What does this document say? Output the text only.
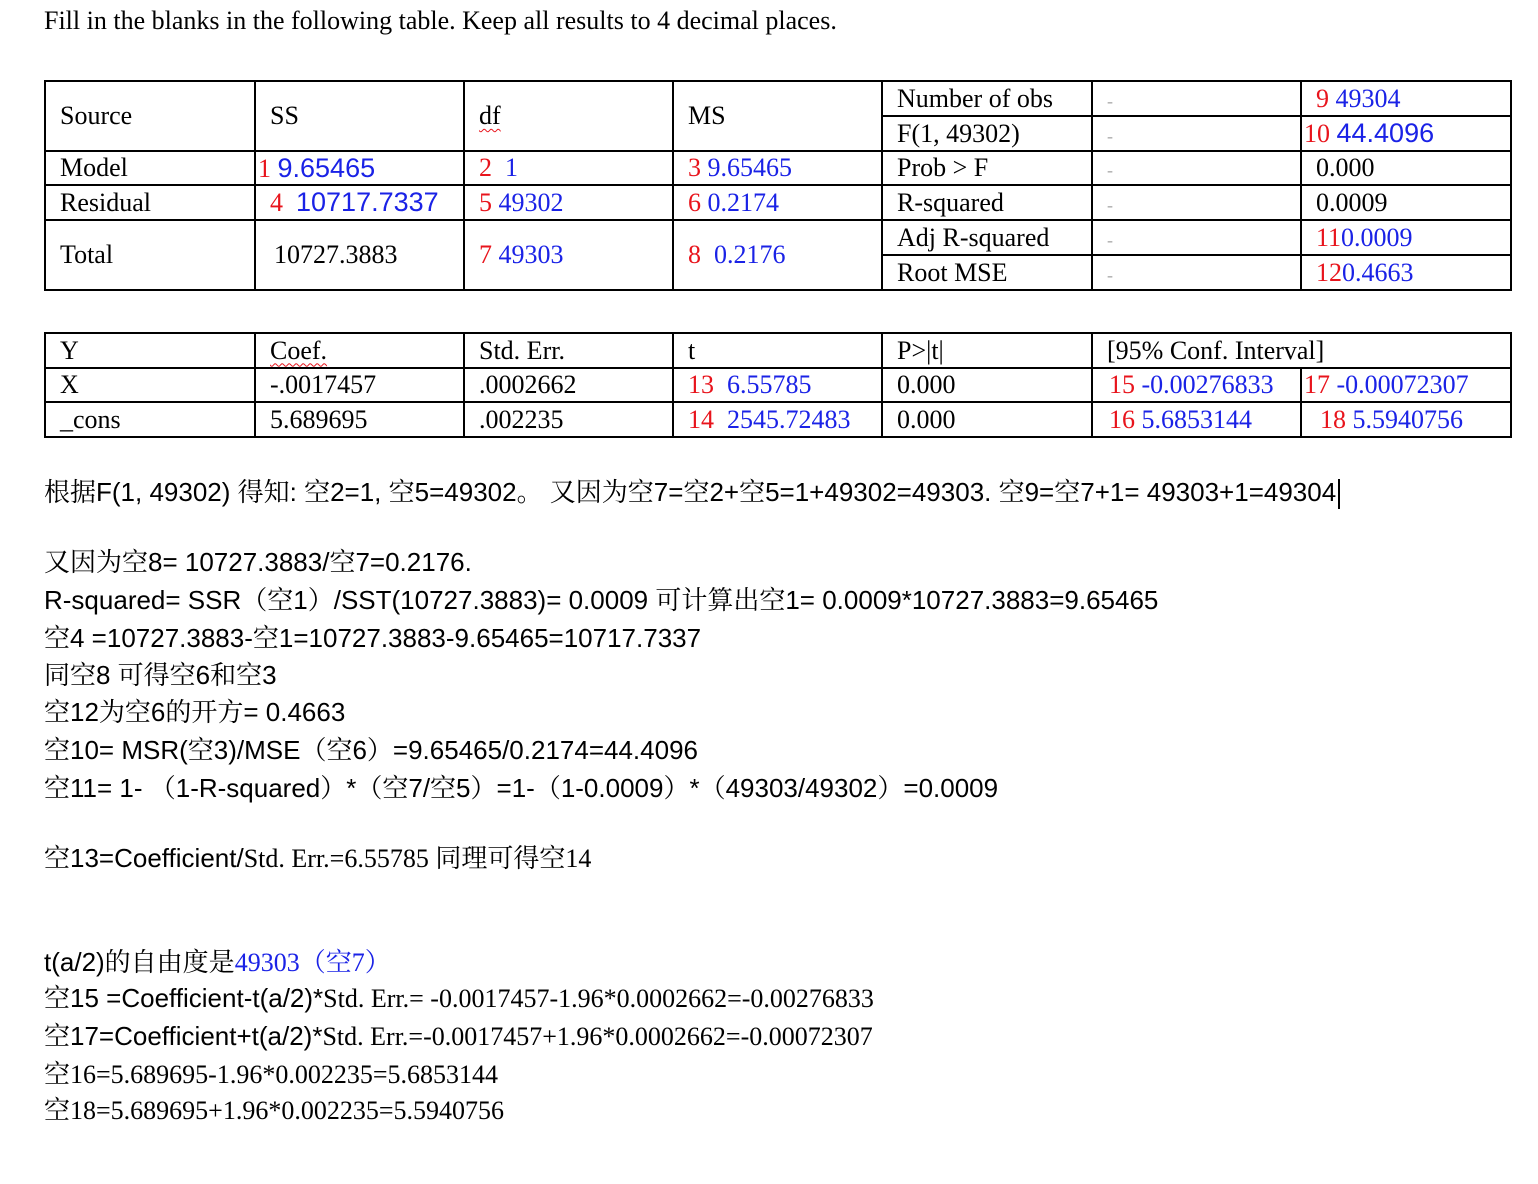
Fill in the blanks in the following table. Keep all results to 4 decimal places.
Source	SS	df	MS	Number of obs	-	9 49304
				F(1, 49302)	-	10 44.4096
Model	1 9.65465	2 1	3 9.65465	Prob > F	-	0.000
Residual	4 10717.7337	5 49302	6 0.2174	R-squared	-	0.0009
Total	10727.3883	7 49303	8 0.2176	Adj R-squared	-	110.0009
				Root MSE	-	120.4663
Y	Coef.	Std. Err.	t	P>|t|	[95% Conf. Interval]	
X	-.0017457	.0002662	13 6.55785	0.000	15 -0.00276833	17 -0.00072307
_cons	5.689695	.002235	14 2545.72483	0.000	16 5.6853144	18 5.5940756
根据F(1, 49302) 得知: 空2=1, 空5=49302。 又因为空7=空2+空5=1+49302=49303. 空9=空7+1= 49303+1=49304
又因为空8= 10727.3883/空7=0.2176.
R-squared= SSR（空1）/SST(10727.3883)= 0.0009 可计算出空1= 0.0009*10727.3883=9.65465
空4 =10727.3883-空1=10727.3883-9.65465=10717.7337
同空8 可得空6和空3
空12为空6的开方= 0.4663
空10= MSR(空3)/MSE（空6）=9.65465/0.2174=44.4096
空11= 1- （1-R-squared）*（空7/空5）=1-（1-0.0009）*（49303/49302）=0.0009
空13=Coefficient/Std. Err.=6.55785 同理可得空14
t(a/2)的自由度是49303（空7）
空15 =Coefficient-t(a/2)*Std. Err.= -0.0017457-1.96*0.0002662=-0.00276833
空17=Coefficient+t(a/2)*Std. Err.=-0.0017457+1.96*0.0002662=-0.00072307
空16=5.689695-1.96*0.002235=5.6853144
空18=5.689695+1.96*0.002235=5.5940756
